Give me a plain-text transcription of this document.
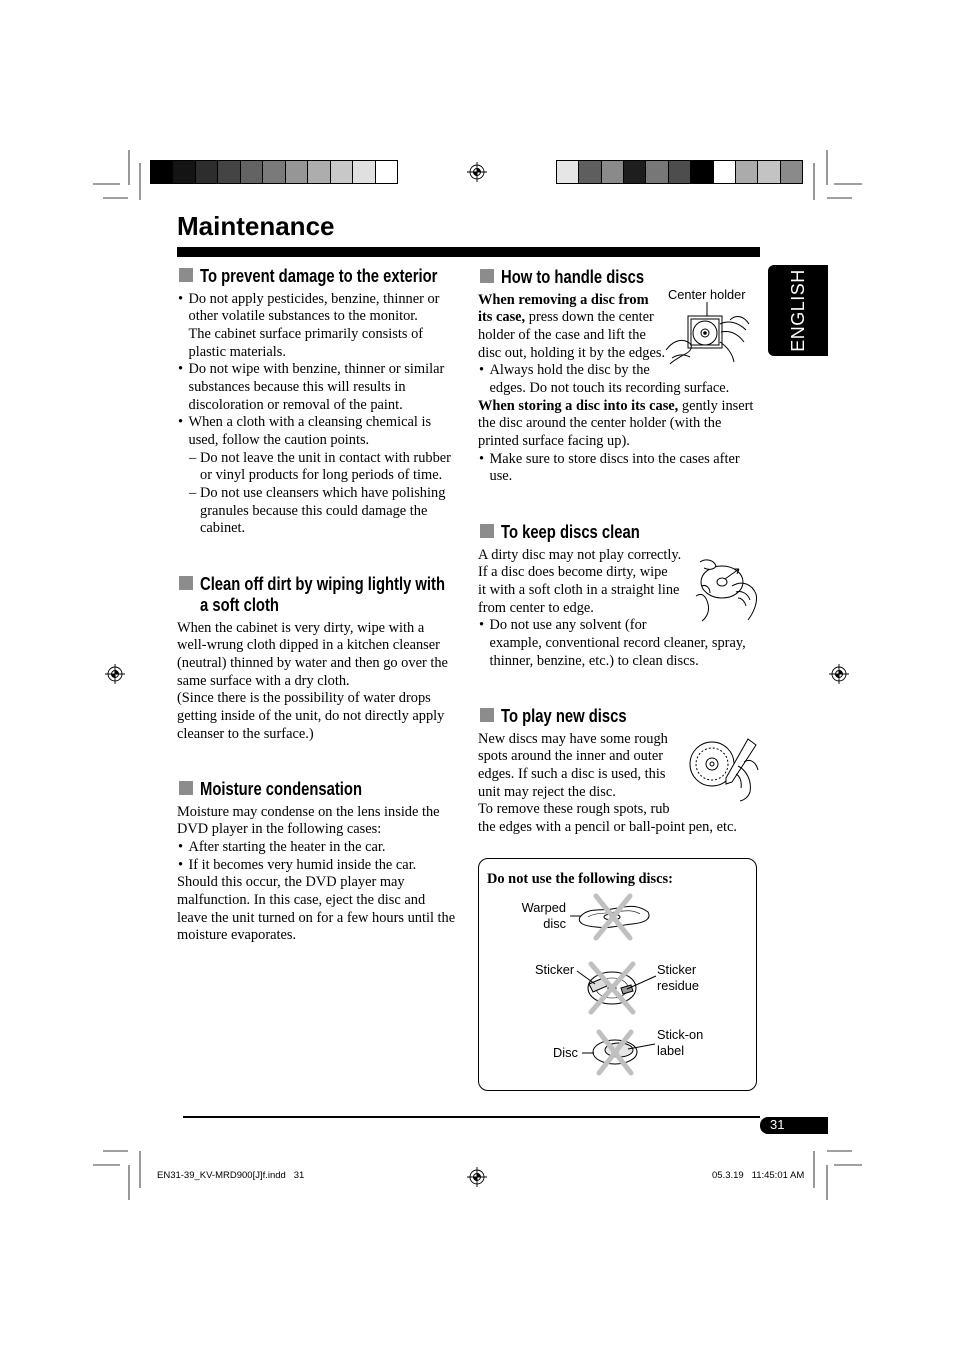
Maintenance
ENGLISH
To prevent damage to the exterior
• Do not apply pesticides, benzine, thinner or
other volatile substances to the monitor.
The cabinet surface primarily consists of
plastic materials.
• Do not wipe with benzine, thinner or similar
substances because this will results in
discoloration or removal of the paint.
• When a cloth with a cleansing chemical is
used, follow the caution points.
– Do not leave the unit in contact with rubber
or vinyl products for long periods of time.
– Do not use cleansers which have polishing
granules because this could damage the
cabinet.
Clean off dirt by wiping lightly with
a soft cloth
When the cabinet is very dirty, wipe with a
well-wrung cloth dipped in a kitchen cleanser
(neutral) thinned by water and then go over the
same surface with a dry cloth.
(Since there is the possibility of water drops
getting inside of the unit, do not directly apply
cleanser to the surface.)
Moisture condensation
Moisture may condense on the lens inside the
DVD player in the following cases:
• After starting the heater in the car.
• If it becomes very humid inside the car.
Should this occur, the DVD player may
malfunction. In this case, eject the disc and
leave the unit turned on for a few hours until the
moisture evaporates.
How to handle discs
When removing a disc from
its case, press down the center
holder of the case and lift the
disc out, holding it by the edges.
• Always hold the disc by the
edges. Do not touch its recording surface.
When storing a disc into its case, gently insert
the disc around the center holder (with the
printed surface facing up).
• Make sure to store discs into the cases after
use.
Center holder
To keep discs clean
A dirty disc may not play correctly.
If a disc does become dirty, wipe
it with a soft cloth in a straight line
from center to edge.
• Do not use any solvent (for
example, conventional record cleaner, spray,
thinner, benzine, etc.) to clean discs.
To play new discs
New discs may have some rough
spots around the inner and outer
edges. If such a disc is used, this
unit may reject the disc.
To remove these rough spots, rub
the edges with a pencil or ball-point pen, etc.
Do not use the following discs:
Warped
disc
Sticker	Sticker
residue
Disc
Stick-on
label
31
EN31-39_KV-MRD900[J]f.indd   31	05.3.19   11:45:01 AM
